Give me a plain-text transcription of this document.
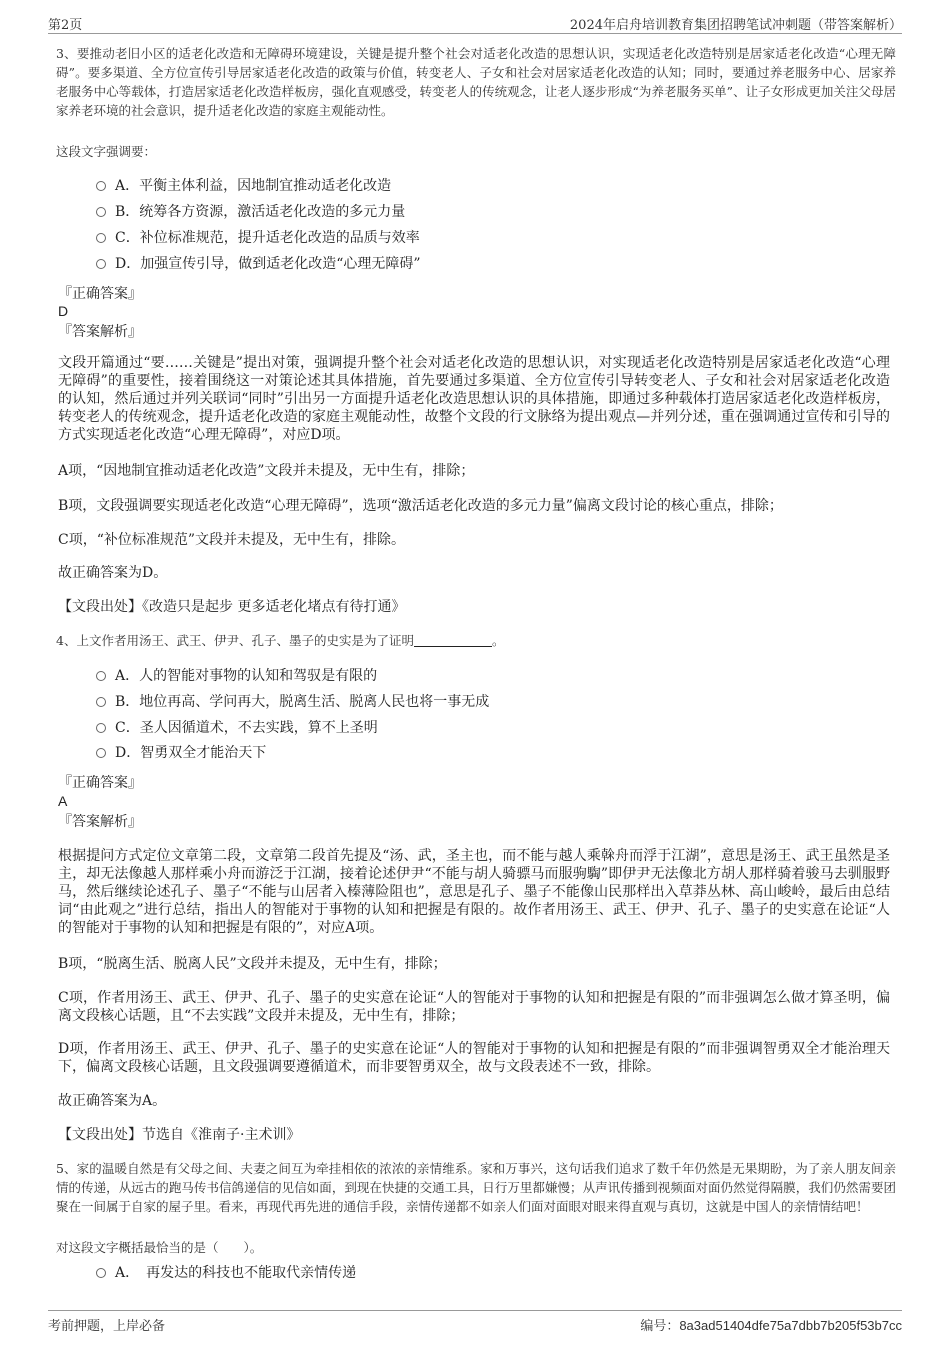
第2页	2024年启舟培训教育集团招聘笔试冲刺题（带答案解析）
3、要推动老旧小区的适老化改造和无障碍环境建设，关键是提升整个社会对适老化改造的思想认识，实现适老化改造特别是居家适老化改造“心理无障碍”。要多渠道、全方位宣传引导居家适老化改造的政策与价值，转变老人、子女和社会对居家适老化改造的认知；同时，要通过养老服务中心、居家养老服务中心等载体，打造居家适老化改造样板房，强化直观感受，转变老人的传统观念，让老人逐步形成“为养老服务买单”、让子女形成更加关注父母居家养老环境的社会意识，提升适老化改造的家庭主观能动性。
这段文字强调要：
A．平衡主体利益，因地制宜推动适老化改造
B．统筹各方资源，激活适老化改造的多元力量
C．补位标准规范，提升适老化改造的品质与效率
D．加强宣传引导，做到适老化改造“心理无障碍”
『正确答案』
D
『答案解析』
文段开篇通过“要……关键是”提出对策，强调提升整个社会对适老化改造的思想认识，对实现适老化改造特别是居家适老化改造“心理无障碍”的重要性，接着围绕这一对策论述其具体措施，首先要通过多渠道、全方位宣传引导转变老人、子女和社会对居家适老化改造的认知，然后通过并列关联词“同时”引出另一方面提升适老化改造思想认识的具体措施，即通过多种载体打造居家适老化改造样板房，转变老人的传统观念，提升适老化改造的家庭主观能动性，故整个文段的行文脉络为提出观点—并列分述，重在强调通过宣传和引导的方式实现适老化改造“心理无障碍”，对应D项。
A项，“因地制宜推动适老化改造”文段并未提及，无中生有，排除；
B项，文段强调要实现适老化改造“心理无障碍”，选项“激活适老化改造的多元力量”偏离文段讨论的核心重点，排除；
C项，“补位标准规范”文段并未提及，无中生有，排除。
故正确答案为D。
【文段出处】《改造只是起步 更多适老化堵点有待打通》
4、上文作者用汤王、武王、伊尹、孔子、墨子的史实是为了证明	。
A．人的智能对事物的认知和驾驭是有限的
B．地位再高、学问再大，脱离生活、脱离人民也将一事无成
C．圣人因循道术，不去实践，算不上圣明
D．智勇双全才能治天下
『正确答案』
A
『答案解析』
根据提问方式定位文章第二段，文章第二段首先提及“汤、武，圣主也，而不能与越人乘榦舟而浮于江湖”，意思是汤王、武王虽然是圣主，却无法像越人那样乘小舟而游泛于江湖，接着论述伊尹“不能与胡人骑骠马而服驹騊”即伊尹无法像北方胡人那样骑着骏马去驯服野马，然后继续论述孔子、墨子“不能与山居者入榛薄险阻也”，意思是孔子、墨子不能像山民那样出入草莽丛林、高山峻岭，最后由总结词“由此观之”进行总结，指出人的智能对于事物的认知和把握是有限的。故作者用汤王、武王、伊尹、孔子、墨子的史实意在论证“人的智能对于事物的认知和把握是有限的”，对应A项。
B项，“脱离生活、脱离人民”文段并未提及，无中生有，排除；
C项，作者用汤王、武王、伊尹、孔子、墨子的史实意在论证“人的智能对于事物的认知和把握是有限的”而非强调怎么做才算圣明，偏离文段核心话题，且“不去实践”文段并未提及，无中生有，排除；
D项，作者用汤王、武王、伊尹、孔子、墨子的史实意在论证“人的智能对于事物的认知和把握是有限的”而非强调智勇双全才能治理天下，偏离文段核心话题，且文段强调要遵循道术，而非要智勇双全，故与文段表述不一致，排除。
故正确答案为A。
【文段出处】节选自《淮南子·主术训》
5、家的温暖自然是有父母之间、夫妻之间互为牵挂相依的浓浓的亲情维系。家和万事兴，这句话我们追求了数千年仍然是无果期盼，为了亲人朋友间亲情的传递，从远古的跑马传书信鸽递信的见信如面，到现在快捷的交通工具，日行万里都嫌慢；从声讯传播到视频面对面仍然觉得隔膜，我们仍然需要团聚在一间属于自家的屋子里。看来，再现代再先进的通信手段，亲情传递都不如亲人们面对面眼对眼来得直观与真切，这就是中国人的亲情情结吧！
对这段文字概括最恰当的是（　　）。
A．　再发达的科技也不能取代亲情传递
考前押题，上岸必备	编号：8a3ad51404dfe75a7dbb7b205f53b7cc
